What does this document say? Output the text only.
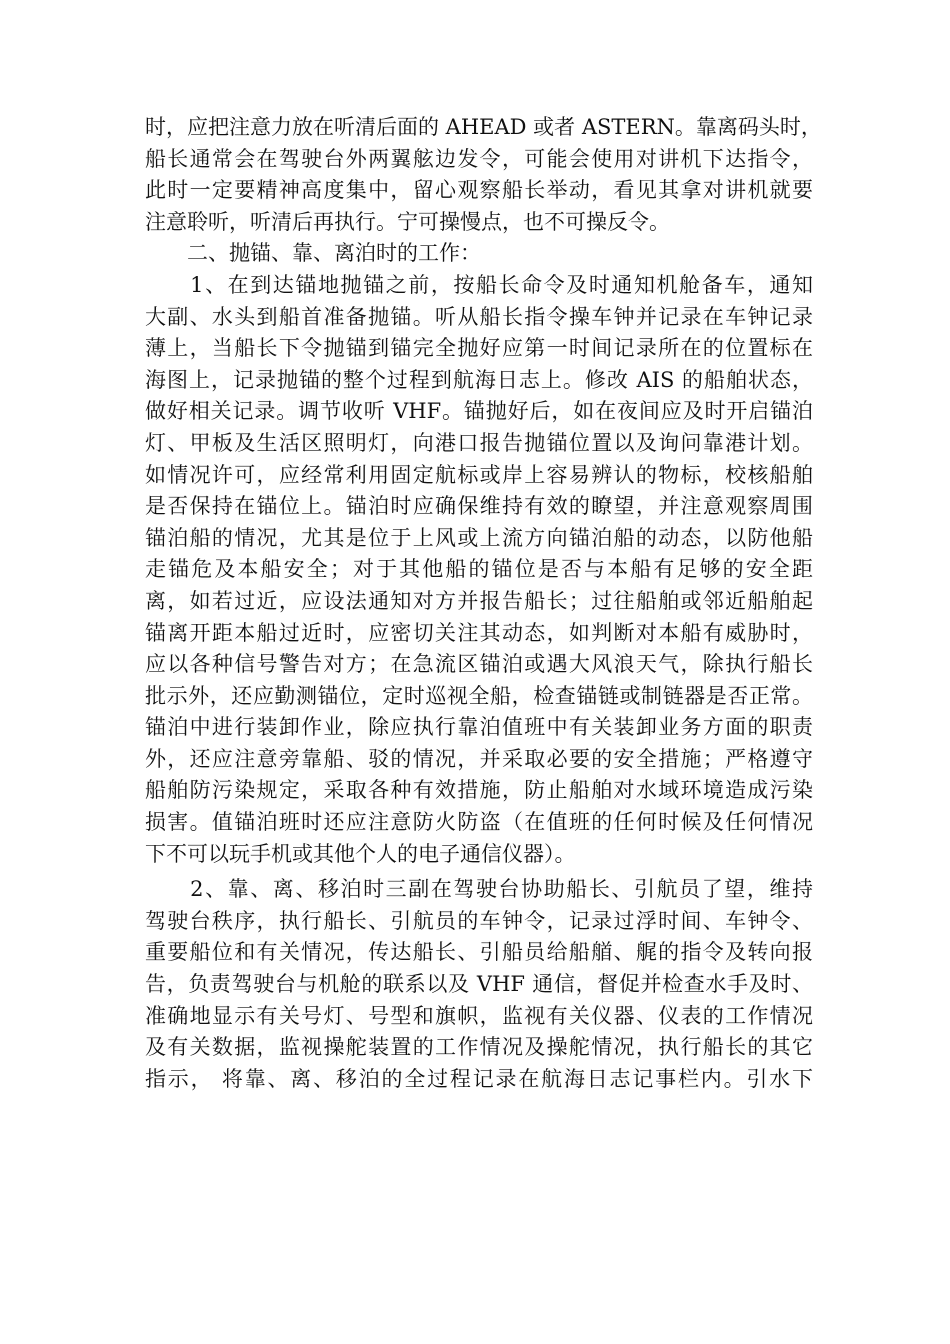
时，应把注意力放在听清后面的 AHEAD 或者 ASTERN。靠离码头时，
船长通常会在驾驶台外两翼舷边发令，可能会使用对讲机下达指令，
此时一定要精神高度集中，留心观察船长举动，看见其拿对讲机就要
注意聆听，听清后再执行。宁可操慢点，也不可操反令。
　　二、抛锚、靠、离泊时的工作：
　　1、在到达锚地抛锚之前，按船长命令及时通知机舱备车，通知
大副、水头到船首准备抛锚。听从船长指令操车钟并记录在车钟记录
薄上，当船长下令抛锚到锚完全抛好应第一时间记录所在的位置标在
海图上，记录抛锚的整个过程到航海日志上。修改 AIS 的船舶状态，
做好相关记录。调节收听 VHF。锚抛好后，如在夜间应及时开启锚泊
灯、甲板及生活区照明灯，向港口报告抛锚位置以及询问靠港计划。
如情况许可，应经常利用固定航标或岸上容易辨认的物标，校核船舶
是否保持在锚位上。锚泊时应确保维持有效的瞭望，并注意观察周围
锚泊船的情况，尤其是位于上风或上流方向锚泊船的动态，以防他船
走锚危及本船安全；对于其他船的锚位是否与本船有足够的安全距
离，如若过近，应设法通知对方并报告船长；过往船舶或邻近船舶起
锚离开距本船过近时，应密切关注其动态，如判断对本船有威胁时，
应以各种信号警告对方；在急流区锚泊或遇大风浪天气，除执行船长
批示外，还应勤测锚位，定时巡视全船，检查锚链或制链器是否正常。
锚泊中进行装卸作业，除应执行靠泊值班中有关装卸业务方面的职责
外，还应注意旁靠船、驳的情况，并采取必要的安全措施；严格遵守
船舶防污染规定，采取各种有效措施，防止船舶对水域环境造成污染
损害。值锚泊班时还应注意防火防盗（在值班的任何时候及任何情况
下不可以玩手机或其他个人的电子通信仪器）。
　　2、靠、离、移泊时三副在驾驶台协助船长、引航员了望，维持
驾驶台秩序，执行船长、引航员的车钟令，记录过浮时间、车钟令、
重要船位和有关情况，传达船长、引船员给船艏、艉的指令及转向报
告，负责驾驶台与机舱的联系以及 VHF 通信，督促并检查水手及时、
准确地显示有关号灯、号型和旗帜，监视有关仪器、仪表的工作情况
及有关数据，监视操舵装置的工作情况及操舵情况，执行船长的其它
指示， 将靠、离、移泊的全过程记录在航海日志记事栏内。引水下
